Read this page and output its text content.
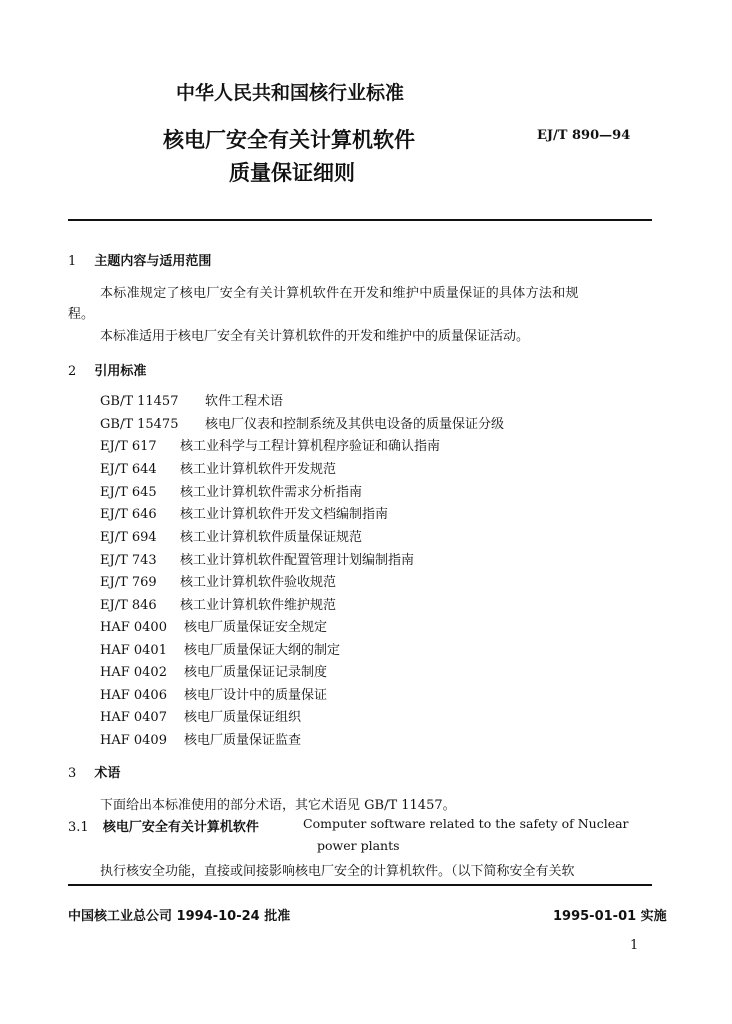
中华人民共和国核行业标准
核电厂安全有关计算机软件
质量保证细则
EJ/T 890—94
1 主题内容与适用范围
本标准规定了核电厂安全有关计算机软件在开发和维护中质量保证的具体方法和规
程。
本标准适用于核电厂安全有关计算机软件的开发和维护中的质量保证活动。
2 引用标准
GB/T 11457 软件工程术语
GB/T 15475 核电厂仪表和控制系统及其供电设备的质量保证分级
EJ/T 617 核工业科学与工程计算机程序验证和确认指南
EJ/T 644 核工业计算机软件开发规范
EJ/T 645 核工业计算机软件需求分析指南
EJ/T 646 核工业计算机软件开发文档编制指南
EJ/T 694 核工业计算机软件质量保证规范
EJ/T 743 核工业计算机软件配置管理计划编制指南
EJ/T 769 核工业计算机软件验收规范
EJ/T 846 核工业计算机软件维护规范
HAF 0400 核电厂质量保证安全规定
HAF 0401 核电厂质量保证大纲的制定
HAF 0402 核电厂质量保证记录制度
HAF 0406 核电厂设计中的质量保证
HAF 0407 核电厂质量保证组织
HAF 0409 核电厂质量保证监查
3 术语
下面给出本标准使用的部分术语，其它术语见 GB/T 11457。
3.1 核电厂安全有关计算机软件	Computer software related to the safety of Nuclear
power plants
执行核安全功能，直接或间接影响核电厂安全的计算机软件。（以下简称安全有关软
中国核工业总公司 1994-10-24 批准	1995-01-01 实施
1
